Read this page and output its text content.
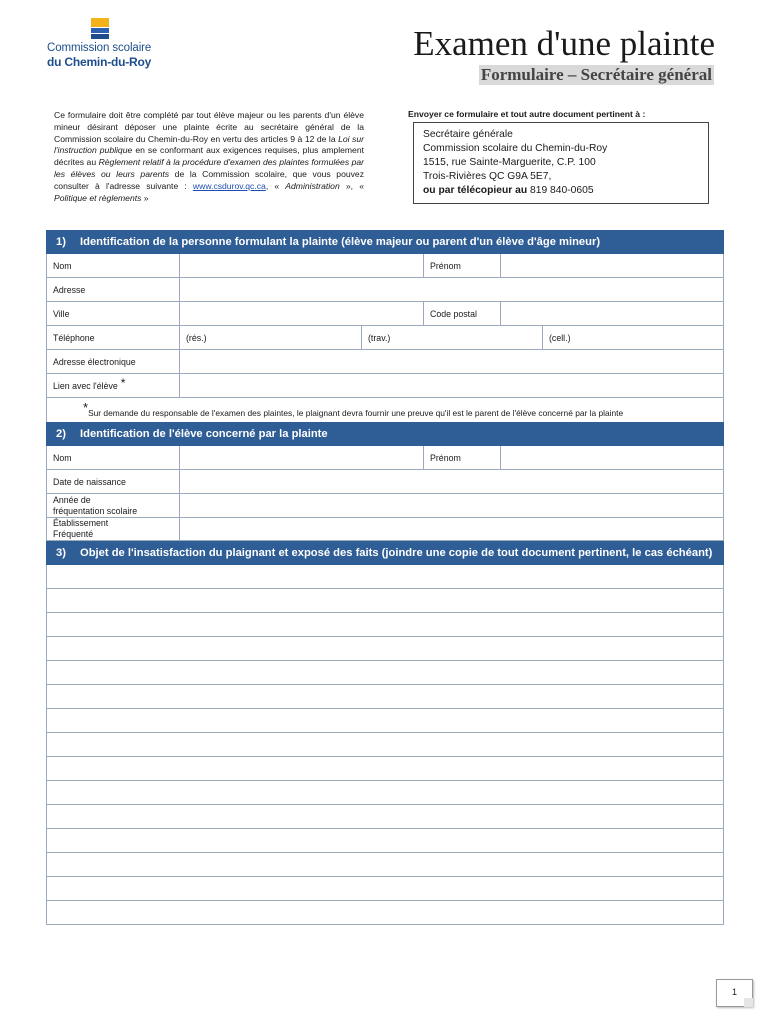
Commission scolaire
du Chemin-du-Roy	Examen d'une plainte
Formulaire – Secrétaire général
Ce formulaire doit être complété par tout élève majeur ou les parents d'un élève mineur désirant déposer une plainte écrite au secrétaire général de la Commission scolaire du Chemin-du-Roy en vertu des articles 9 à 12 de la Loi sur l'instruction publique en se conformant aux exigences requises, plus amplement décrites au Règlement relatif à la procédure d'examen des plaintes formulées par les élèves ou leurs parents de la Commission scolaire, que vous pouvez consulter à l'adresse suivante : www.csdurov.qc.ca, « Administration », « Politique et règlements »
Envoyer ce formulaire et tout autre document pertinent à :
Secrétaire générale
Commission scolaire du Chemin-du-Roy
1515, rue Sainte-Marguerite, C.P. 100
Trois-Rivières QC G9A 5E7,
ou par télécopieur au 819 840-0605
1) Identification de la personne formulant la plainte (élève majeur ou parent d'un élève d'âge mineur)
Nom	Prénom
Adresse
Ville	Code postal
Téléphone	(rés.)	(trav.)	(cell.)
Adresse électronique
Lien avec l'élève *
* Sur demande du responsable de l'examen des plaintes, le plaignant devra fournir une preuve qu'il est le parent de l'élève concerné par la plainte
2) Identification de l'élève concerné par la plainte
Nom	Prénom
Date de naissance
Année de
fréquentation scolaire
Établissement
Fréquenté
3) Objet de l'insatisfaction du plaignant et exposé des faits (joindre une copie de tout document pertinent, le cas échéant)
1
